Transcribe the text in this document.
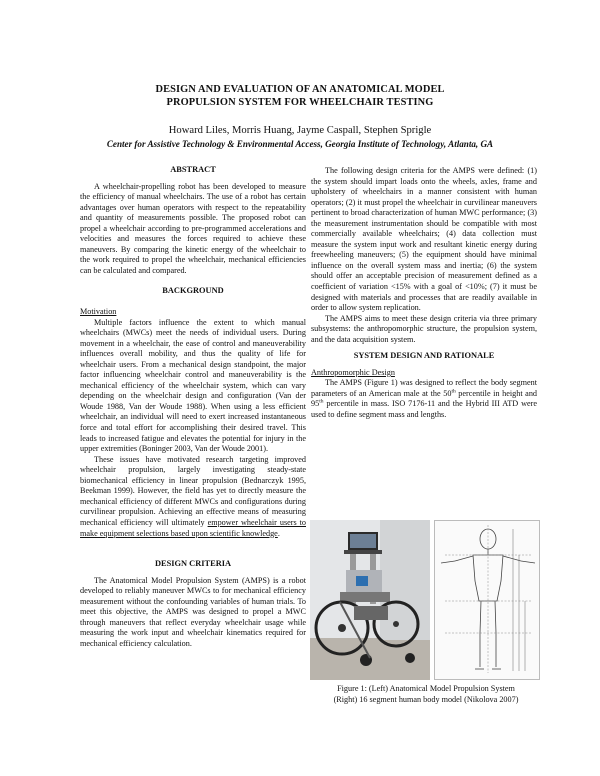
DESIGN AND EVALUATION OF AN ANATOMICAL MODEL
PROPULSION SYSTEM FOR WHEELCHAIR TESTING
Howard Liles, Morris Huang, Jayme Caspall, Stephen Sprigle
Center for Assistive Technology & Environmental Access, Georgia Institute of Technology, Atlanta, GA
ABSTRACT

A wheelchair-propelling robot has been developed to measure the efficiency of manual wheelchairs. The use of a robot has certain advantages over human operators with respect to the repeatability and quantity of measurements possible. The proposed robot can propel a wheelchair according to pre-programmed accelerations and velocities and measures the forces required to achieve these maneuvers. By comparing the kinetic energy of the wheelchair to the work required to propel the wheelchair, mechanical efficiencies can be calculated and compared.

BACKGROUND
Motivation

Multiple factors influence the extent to which manual wheelchairs (MWCs) meet the needs of individual users. During movement in a wheelchair, the ease of control and maneuverability influences overall mobility, and thus the quality of life for wheelchair users. From a mechanical design standpoint, the major factor influencing wheelchair control and maneuverability is the mechanical efficiency of the wheelchair system, which can vary depending on the wheelchair design and configuration (Van der Woude 1988, Van der Woude 1988). When using a less efficient wheelchair, an individual will need to exert increased instantaneous force and total effort for accomplishing their desired travel. This leads to increased fatigue and elevates the potential for injury in the upper extremities (Boninger 2003, Van der Woude 2001).

These issues have motivated research targeting improved wheelchair propulsion, largely investigating steady-state biomechanical efficiency in linear propulsion (Bednarczyk 1995, Beekman 1999). However, the field has yet to directly measure the mechanical efficiency of different MWCs and configurations during curvilinear propulsion. Achieving an effective means of measuring mechanical efficiency will ultimately empower wheelchair users to make equipment selections based upon scientific knowledge.

DESIGN CRITERIA

The Anatomical Model Propulsion System (AMPS) is a robot developed to reliably maneuver MWCs to for mechanical efficiency measurement without the confounding variables of human trials. To meet this objective, the AMPS was designed to propel a MWC through maneuvers that reflect everyday wheelchair usage while measuring the work input and wheelchair kinematics required for mechanical efficiency calculation.

The following design criteria for the AMPS were defined: (1) the system should impart loads onto the wheels, axles, frame and upholstery of wheelchairs in a manner consistent with human operators; (2) it must propel the wheelchair in curvilinear maneuvers pertinent to broad characterization of human MWC performance; (3) the measurement instrumentation should be compatible with most commercially available wheelchairs; (4) data collection must measure the system input work and resultant kinetic energy during freewheeling maneuvers; (5) the equipment should have minimal influence on the overall system mass and inertia; (6) the system should offer an acceptable precision of measurement defined as a coefficient of variation <15% with a goal of <10%; (7) it must be designed with materials and processes that are readily available in order to allow system replication.

The AMPS aims to meet these design criteria via three primary subsystems: the anthropomorphic structure, the propulsion system, and the data acquisition system.

SYSTEM DESIGN AND RATIONALE
Anthropomorphic Design

The AMPS (Figure 1) was designed to reflect the body segment parameters of an American male at the 50th percentile in height and 95th percentile in mass. ISO 7176-11 and the Hybrid III ATD were used to define segment mass and lengths.

Figure 1: (Left) Anatomical Model Propulsion System
(Right) 16 segment human body model (Nikolova 2007)
